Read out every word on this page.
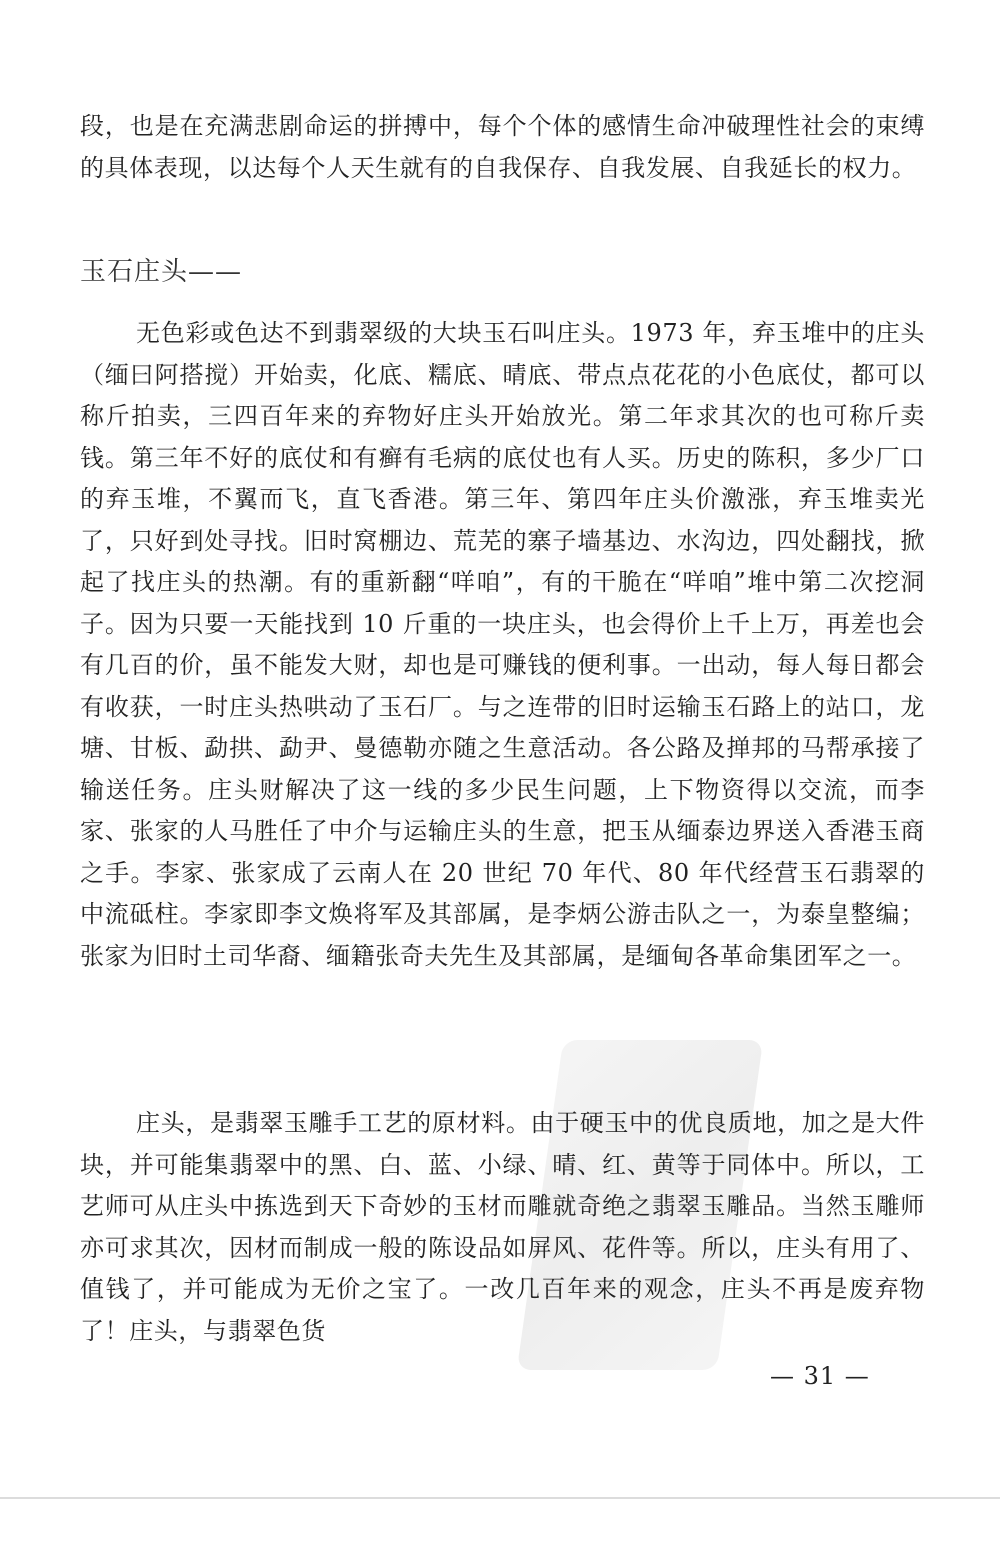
段，也是在充满悲剧命运的拼搏中，每个个体的感情生命冲破理性社会的束缚的具体表现，以达每个人天生就有的自我保存、自我发展、自我延长的权力。
玉石庄头——
无色彩或色达不到翡翠级的大块玉石叫庄头。1973 年，弃玉堆中的庄头（缅曰阿搭搅）开始卖，化底、糯底、晴底、带点点花花的小色底仗，都可以称斤拍卖，三四百年来的弃物好庄头开始放光。第二年求其次的也可称斤卖钱。第三年不好的底仗和有癣有毛病的底仗也有人买。历史的陈积，多少厂口的弃玉堆，不翼而飞，直飞香港。第三年、第四年庄头价激涨，弃玉堆卖光了，只好到处寻找。旧时窝棚边、荒芜的寨子墙基边、水沟边，四处翻找，掀起了找庄头的热潮。有的重新翻“咩咱”，有的干脆在“咩咱”堆中第二次挖洞子。因为只要一天能找到 10 斤重的一块庄头，也会得价上千上万，再差也会有几百的价，虽不能发大财，却也是可赚钱的便利事。一出动，每人每日都会有收获，一时庄头热哄动了玉石厂。与之连带的旧时运输玉石路上的站口，龙塘、甘板、勐拱、勐尹、曼德勒亦随之生意活动。各公路及掸邦的马帮承接了输送任务。庄头财解决了这一线的多少民生问题，上下物资得以交流，而李家、张家的人马胜任了中介与运输庄头的生意，把玉从缅泰边界送入香港玉商之手。李家、张家成了云南人在 20 世纪 70 年代、80 年代经营玉石翡翠的中流砥柱。李家即李文焕将军及其部属，是李炳公游击队之一，为泰皇整编；张家为旧时土司华裔、缅籍张奇夫先生及其部属，是缅甸各革命集团军之一。
庄头，是翡翠玉雕手工艺的原材料。由于硬玉中的优良质地，加之是大件块，并可能集翡翠中的黑、白、蓝、小绿、晴、红、黄等于同体中。所以，工艺师可从庄头中拣选到天下奇妙的玉材而雕就奇绝之翡翠玉雕品。当然玉雕师亦可求其次，因材而制成一般的陈设品如屏风、花件等。所以，庄头有用了、值钱了，并可能成为无价之宝了。一改几百年来的观念，庄头不再是废弃物了！庄头，与翡翠色货
— 31 —
